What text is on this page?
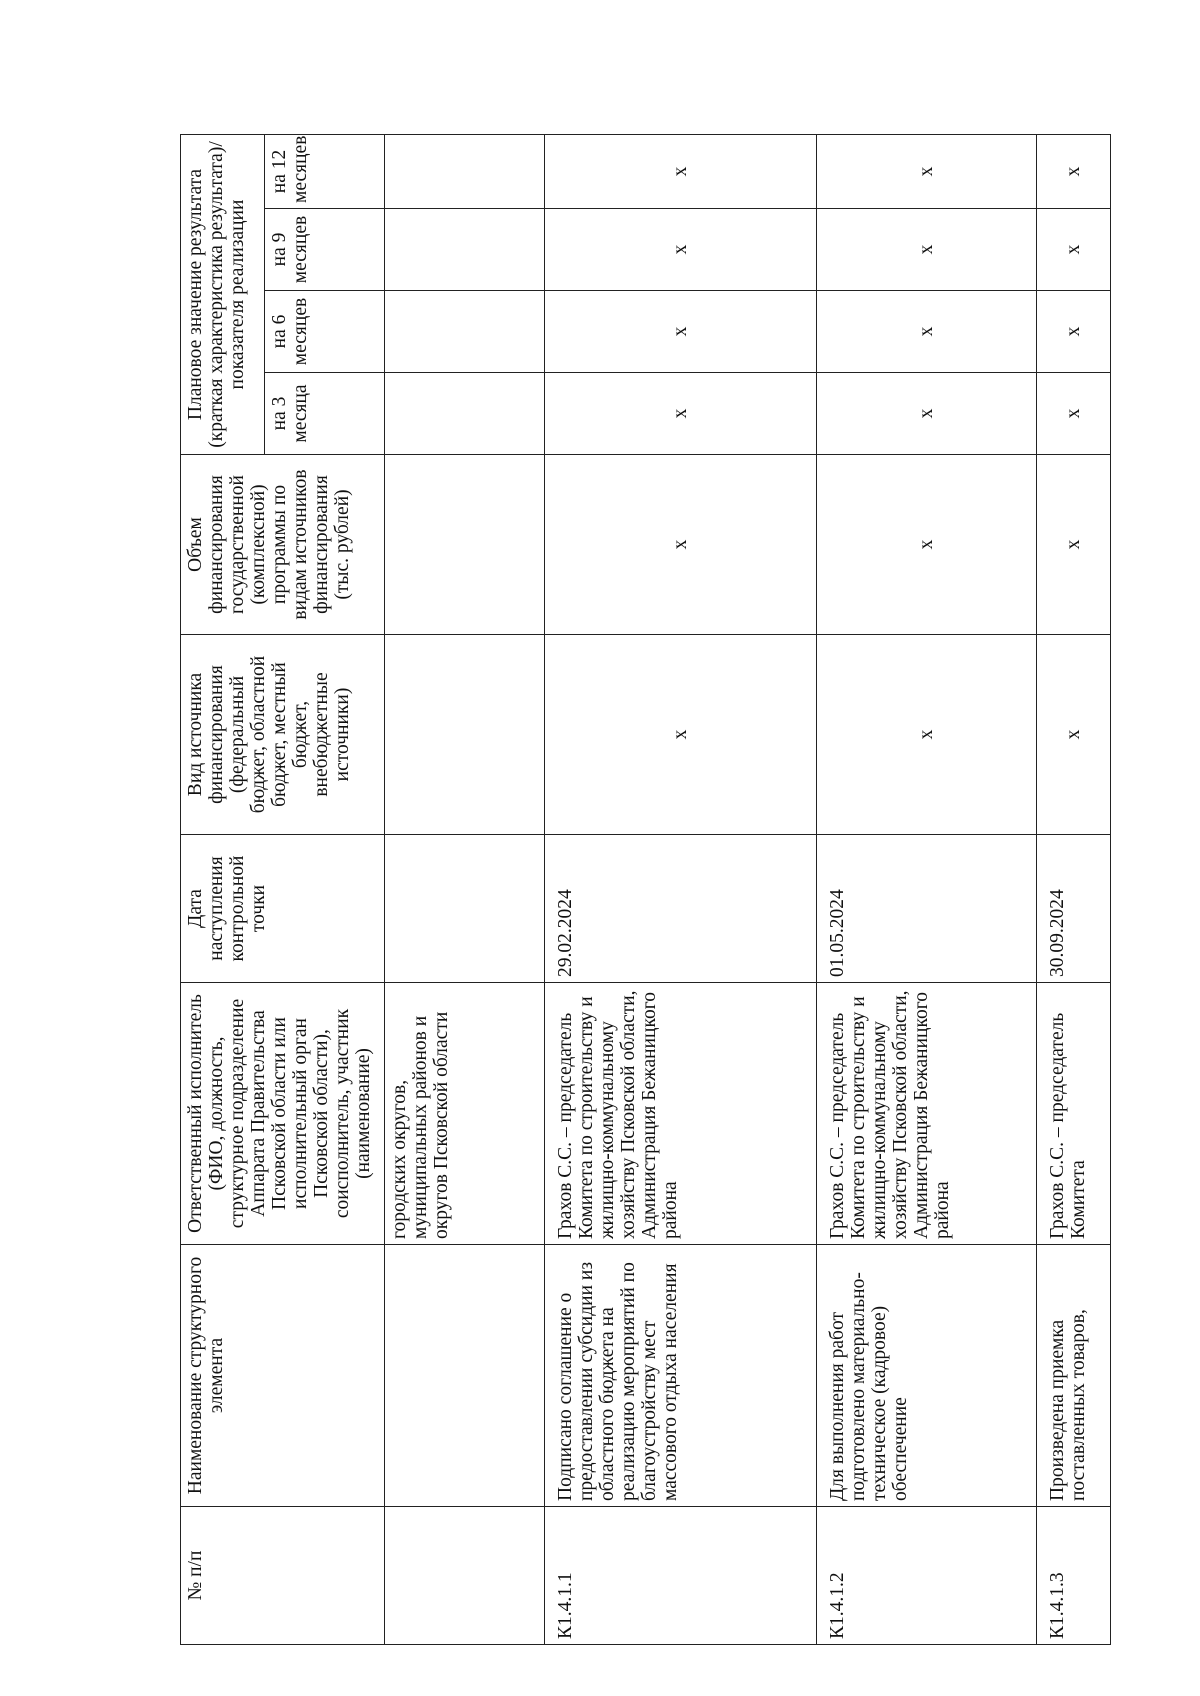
№ п/п	Наименование структурного элемента	Ответственный исполнитель (ФИО, должность, структурное подразделение Аппарата Правительства Псковской области или исполнительный орган Псковской области), соисполнитель, участник (наименование)	Дата наступления контрольной точки	Вид источника финансирования (федеральный бюджет, областной бюджет, местный бюджет, внебюджетные источники)	Объем финансирования государственной (комплексной) программы по видам источников финансирования (тыс. рублей)	Плановое значение результата (краткая характеристика результата)/показателя реализации			
						на 3 месяца	на 6 месяцев	на 9 месяцев	на 12 месяцев
		городских округов, муниципальных районов и округов Псковской области							
К1.4.1.1	Подписано соглашение о предоставлении субсидии из областного бюджета на реализацию мероприятий по благоустройству мест массового отдыха населения	Грахов С.С. – председатель Комитета по строительству и жилищно-коммунальному хозяйству Псковской области, Администрация Бежаницкого района	29.02.2024	x	x	x	x	x	x
К1.4.1.2	Для выполнения работ подготовлено материально-техническое (кадровое) обеспечение	Грахов С.С. – председатель Комитета по строительству и жилищно-коммунальному хозяйству Псковской области, Администрация Бежаницкого района	01.05.2024	x	x	x	x	x	x
К1.4.1.3	Произведена приемка поставленных товаров,	Грахов С.С. – председатель Комитета	30.09.2024	x	x	x	x	x	x
